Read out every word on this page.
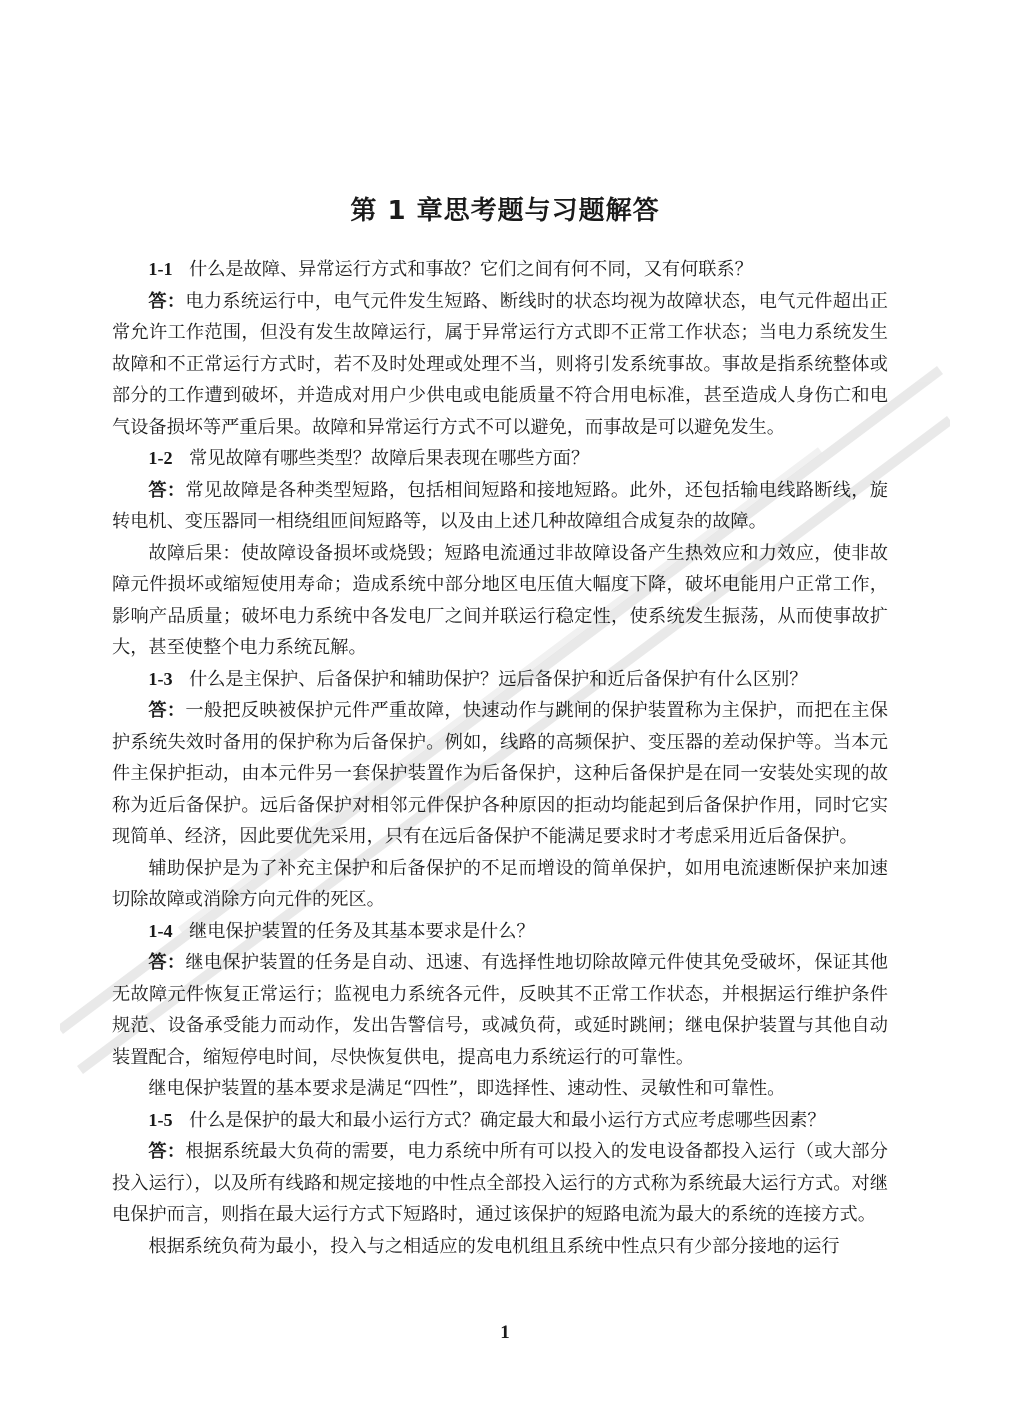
第 1 章思考题与习题解答

1-1 什么是故障、异常运行方式和事故？它们之间有何不同，又有何联系？

答：电力系统运行中，电气元件发生短路、断线时的状态均视为故障状态，电气元件超出正常允许工作范围，但没有发生故障运行，属于异常运行方式即不正常工作状态；当电力系统发生故障和不正常运行方式时，若不及时处理或处理不当，则将引发系统事故。事故是指系统整体或部分的工作遭到破坏，并造成对用户少供电或电能质量不符合用电标准，甚至造成人身伤亡和电气设备损坏等严重后果。故障和异常运行方式不可以避免，而事故是可以避免发生。

1-2 常见故障有哪些类型？故障后果表现在哪些方面？

答：常见故障是各种类型短路，包括相间短路和接地短路。此外，还包括输电线路断线，旋转电机、变压器同一相绕组匝间短路等，以及由上述几种故障组合成复杂的故障。

故障后果：使故障设备损坏或烧毁；短路电流通过非故障设备产生热效应和力效应，使非故障元件损坏或缩短使用寿命；造成系统中部分地区电压值大幅度下降，破坏电能用户正常工作，影响产品质量；破坏电力系统中各发电厂之间并联运行稳定性，使系统发生振荡，从而使事故扩大，甚至使整个电力系统瓦解。

1-3 什么是主保护、后备保护和辅助保护？远后备保护和近后备保护有什么区别？

答：一般把反映被保护元件严重故障，快速动作与跳闸的保护装置称为主保护，而把在主保护系统失效时备用的保护称为后备保护。例如，线路的高频保护、变压器的差动保护等。当本元件主保护拒动，由本元件另一套保护装置作为后备保护，这种后备保护是在同一安装处实现的故称为近后备保护。远后备保护对相邻元件保护各种原因的拒动均能起到后备保护作用，同时它实现简单、经济，因此要优先采用，只有在远后备保护不能满足要求时才考虑采用近后备保护。

辅助保护是为了补充主保护和后备保护的不足而增设的简单保护，如用电流速断保护来加速切除故障或消除方向元件的死区。

1-4 继电保护装置的任务及其基本要求是什么？

答：继电保护装置的任务是自动、迅速、有选择性地切除故障元件使其免受破坏，保证其他无故障元件恢复正常运行；监视电力系统各元件，反映其不正常工作状态，并根据运行维护条件规范、设备承受能力而动作，发出告警信号，或减负荷，或延时跳闸；继电保护装置与其他自动装置配合，缩短停电时间，尽快恢复供电，提高电力系统运行的可靠性。

继电保护装置的基本要求是满足“四性”，即选择性、速动性、灵敏性和可靠性。

1-5 什么是保护的最大和最小运行方式？确定最大和最小运行方式应考虑哪些因素？

答：根据系统最大负荷的需要，电力系统中所有可以投入的发电设备都投入运行（或大部分投入运行），以及所有线路和规定接地的中性点全部投入运行的方式称为系统最大运行方式。对继电保护而言，则指在最大运行方式下短路时，通过该保护的短路电流为最大的系统的连接方式。

根据系统负荷为最小，投入与之相适应的发电机组且系统中性点只有少部分接地的运行

1
